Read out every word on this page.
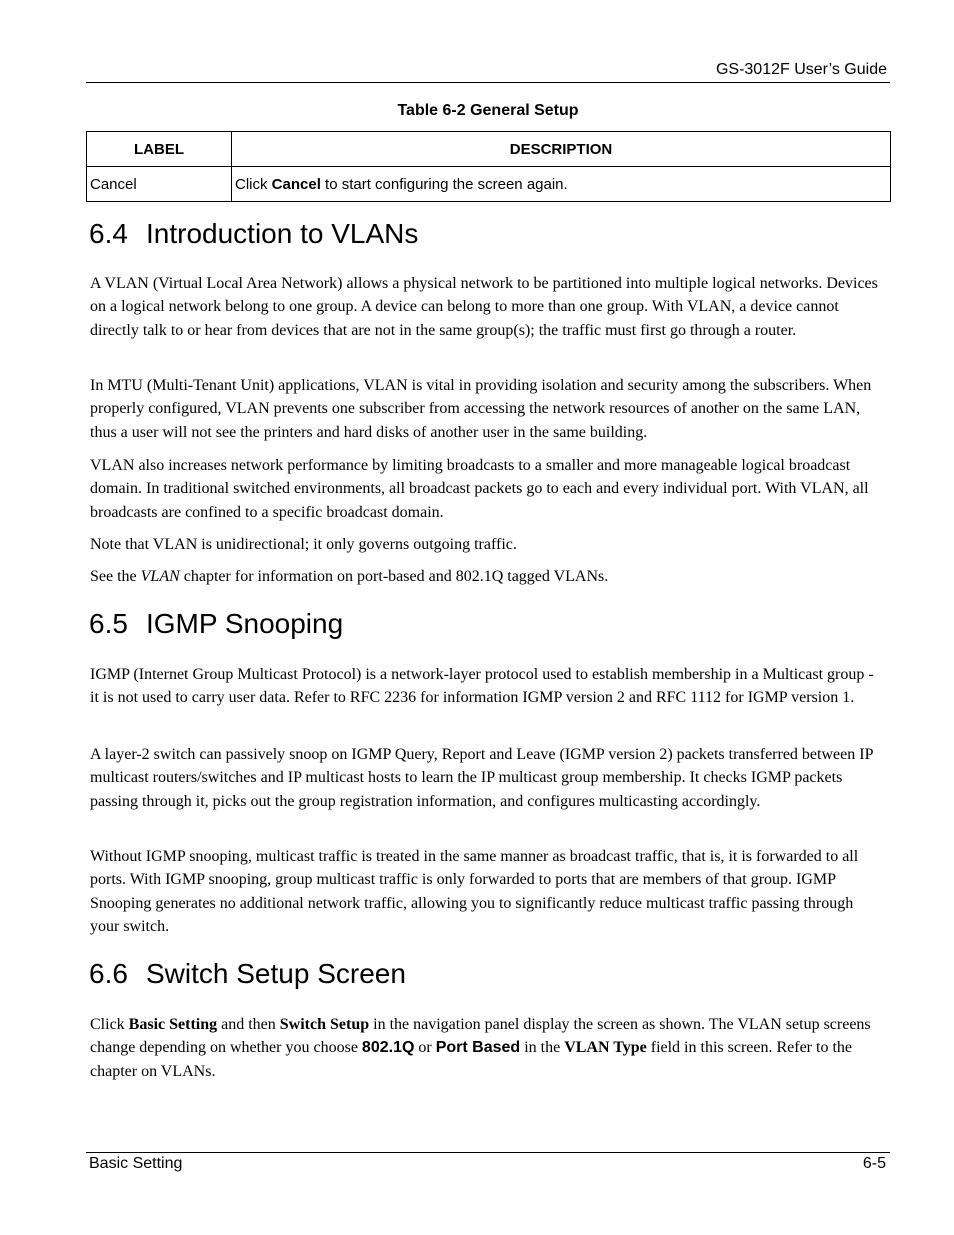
GS-3012F User’s Guide
Table 6-2 General Setup
LABEL	DESCRIPTION
Cancel	Click Cancel to start configuring the screen again.
6.4 Introduction to VLANs

A VLAN (Virtual Local Area Network) allows a physical network to be partitioned into multiple logical networks. Devices on a logical network belong to one group. A device can belong to more than one group. With VLAN, a device cannot directly talk to or hear from devices that are not in the same group(s); the traffic must first go through a router.

In MTU (Multi-Tenant Unit) applications, VLAN is vital in providing isolation and security among the subscribers. When properly configured, VLAN prevents one subscriber from accessing the network resources of another on the same LAN, thus a user will not see the printers and hard disks of another user in the same building.

VLAN also increases network performance by limiting broadcasts to a smaller and more manageable logical broadcast domain. In traditional switched environments, all broadcast packets go to each and every individual port. With VLAN, all broadcasts are confined to a specific broadcast domain.

Note that VLAN is unidirectional; it only governs outgoing traffic.

See the VLAN chapter for information on port-based and 802.1Q tagged VLANs.

6.5 IGMP Snooping

IGMP (Internet Group Multicast Protocol) is a network-layer protocol used to establish membership in a Multicast group - it is not used to carry user data. Refer to RFC 2236 for information IGMP version 2 and RFC 1112 for IGMP version 1.

A layer-2 switch can passively snoop on IGMP Query, Report and Leave (IGMP version 2) packets transferred between IP multicast routers/switches and IP multicast hosts to learn the IP multicast group membership. It checks IGMP packets passing through it, picks out the group registration information, and configures multicasting accordingly.

Without IGMP snooping, multicast traffic is treated in the same manner as broadcast traffic, that is, it is forwarded to all ports. With IGMP snooping, group multicast traffic is only forwarded to ports that are members of that group. IGMP Snooping generates no additional network traffic, allowing you to significantly reduce multicast traffic passing through your switch.

6.6 Switch Setup Screen

Click Basic Setting and then Switch Setup in the navigation panel display the screen as shown. The VLAN setup screens change depending on whether you choose 802.1Q or Port Based in the VLAN Type field in this screen. Refer to the chapter on VLANs.

Basic Setting	6-5
